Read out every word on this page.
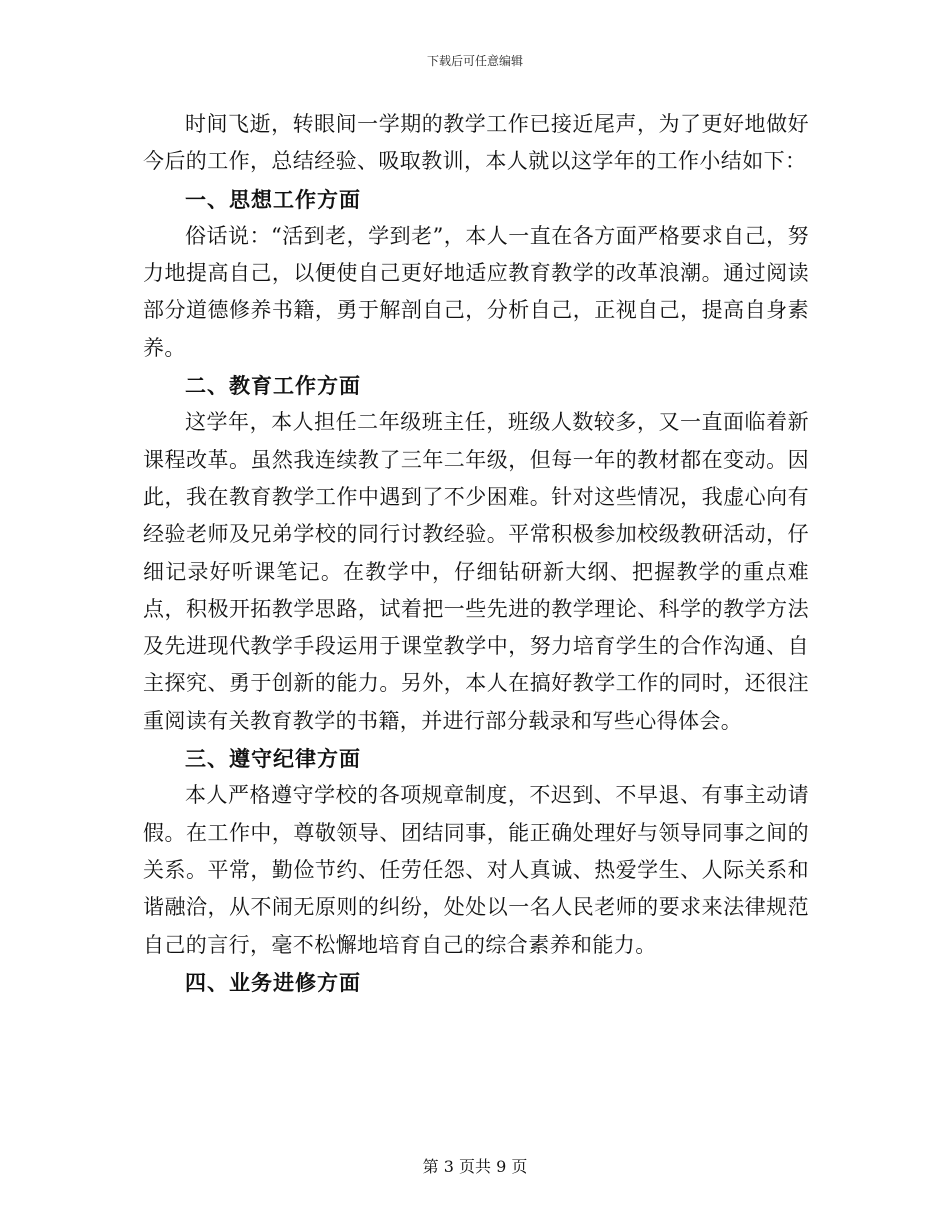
下载后可任意编辑

时间飞逝，转眼间一学期的教学工作已接近尾声，为了更好地做好今后的工作，总结经验、吸取教训，本人就以这学年的工作小结如下：

一、思想工作方面

俗话说：“活到老，学到老”，本人一直在各方面严格要求自己，努力地提高自己，以便使自己更好地适应教育教学的改革浪潮。通过阅读部分道德修养书籍，勇于解剖自己，分析自己，正视自己，提高自身素养。

二、教育工作方面

这学年，本人担任二年级班主任，班级人数较多，又一直面临着新课程改革。虽然我连续教了三年二年级，但每一年的教材都在变动。因此，我在教育教学工作中遇到了不少困难。针对这些情况，我虚心向有经验老师及兄弟学校的同行讨教经验。平常积极参加校级教研活动，仔细记录好听课笔记。在教学中，仔细钻研新大纲、把握教学的重点难点，积极开拓教学思路，试着把一些先进的教学理论、科学的教学方法及先进现代教学手段运用于课堂教学中，努力培育学生的合作沟通、自主探究、勇于创新的能力。另外，本人在搞好教学工作的同时，还很注重阅读有关教育教学的书籍，并进行部分载录和写些心得体会。

三、遵守纪律方面

本人严格遵守学校的各项规章制度，不迟到、不早退、有事主动请假。在工作中，尊敬领导、团结同事，能正确处理好与领导同事之间的关系。平常，勤俭节约、任劳任怨、对人真诚、热爱学生、人际关系和谐融洽，从不闹无原则的纠纷，处处以一名人民老师的要求来法律规范自己的言行，毫不松懈地培育自己的综合素养和能力。

四、业务进修方面
第 3 页共 9 页
